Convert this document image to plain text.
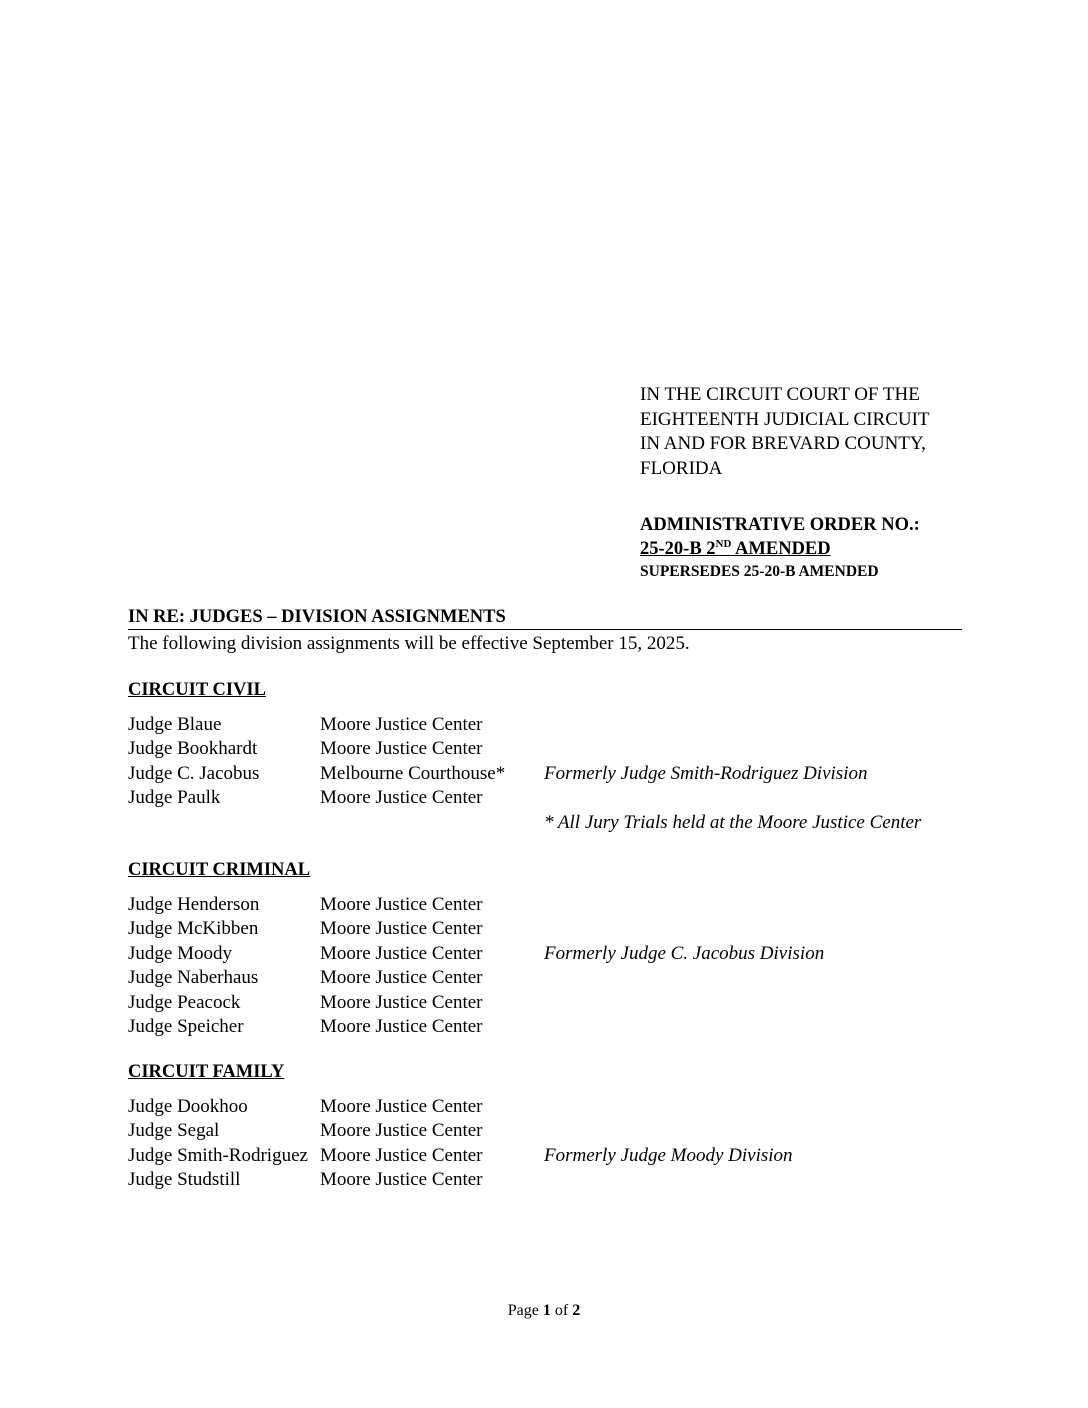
IN THE CIRCUIT COURT OF THE
EIGHTEENTH JUDICIAL CIRCUIT
IN AND FOR BREVARD COUNTY,
FLORIDA
ADMINISTRATIVE ORDER NO.:
25-20-B 2ND AMENDED
SUPERSEDES 25-20-B AMENDED
IN RE: JUDGES – DIVISION ASSIGNMENTS
The following division assignments will be effective September 15, 2025.
CIRCUIT CIVIL
Judge Blaue	Moore Justice Center
Judge Bookhardt	Moore Justice Center
Judge C. Jacobus	Melbourne Courthouse* Formerly Judge Smith-Rodriguez Division
Judge Paulk	Moore Justice Center
* All Jury Trials held at the Moore Justice Center
CIRCUIT CRIMINAL
Judge Henderson	Moore Justice Center
Judge McKibben	Moore Justice Center
Judge Moody	Moore Justice Center	Formerly Judge C. Jacobus Division
Judge Naberhaus	Moore Justice Center
Judge Peacock	Moore Justice Center
Judge Speicher	Moore Justice Center
CIRCUIT FAMILY
Judge Dookhoo	Moore Justice Center
Judge Segal	Moore Justice Center
Judge Smith-Rodriguez Moore Justice Center	Formerly Judge Moody Division
Judge Studstill	Moore Justice Center
Page 1 of 2
